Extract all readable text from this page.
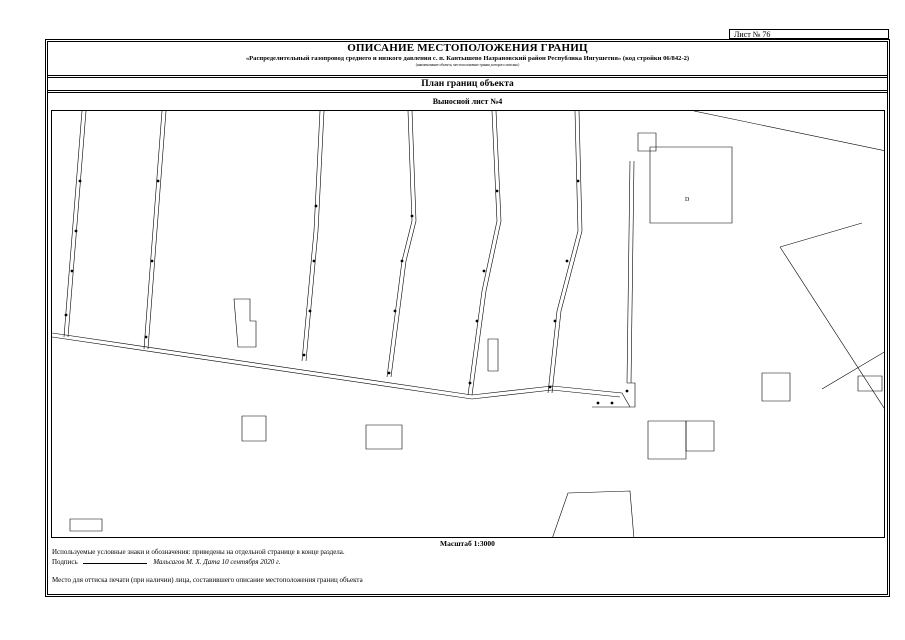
Лист № 76
ОПИСАНИЕ МЕСТОПОЛОЖЕНИЯ ГРАНИЦ
«Распределительный газопровод среднего и низкого давления с. п. Кантышево Назрановский район Республика Ингушетия» (код стройки 06/842-2)
(наименование объекта, местоположение границ которого описано)
План границ объекта
Выносной лист №4
D
Масштаб 1:3000
Используемые условные знаки и обозначения: приведены на отдельной странице в конце раздела.
Подпись	Мальсагов М. Х. Дата 10 сентября 2020 г.
Место для оттиска печати (при наличии) лица, составившего описание местоположения границ объекта
